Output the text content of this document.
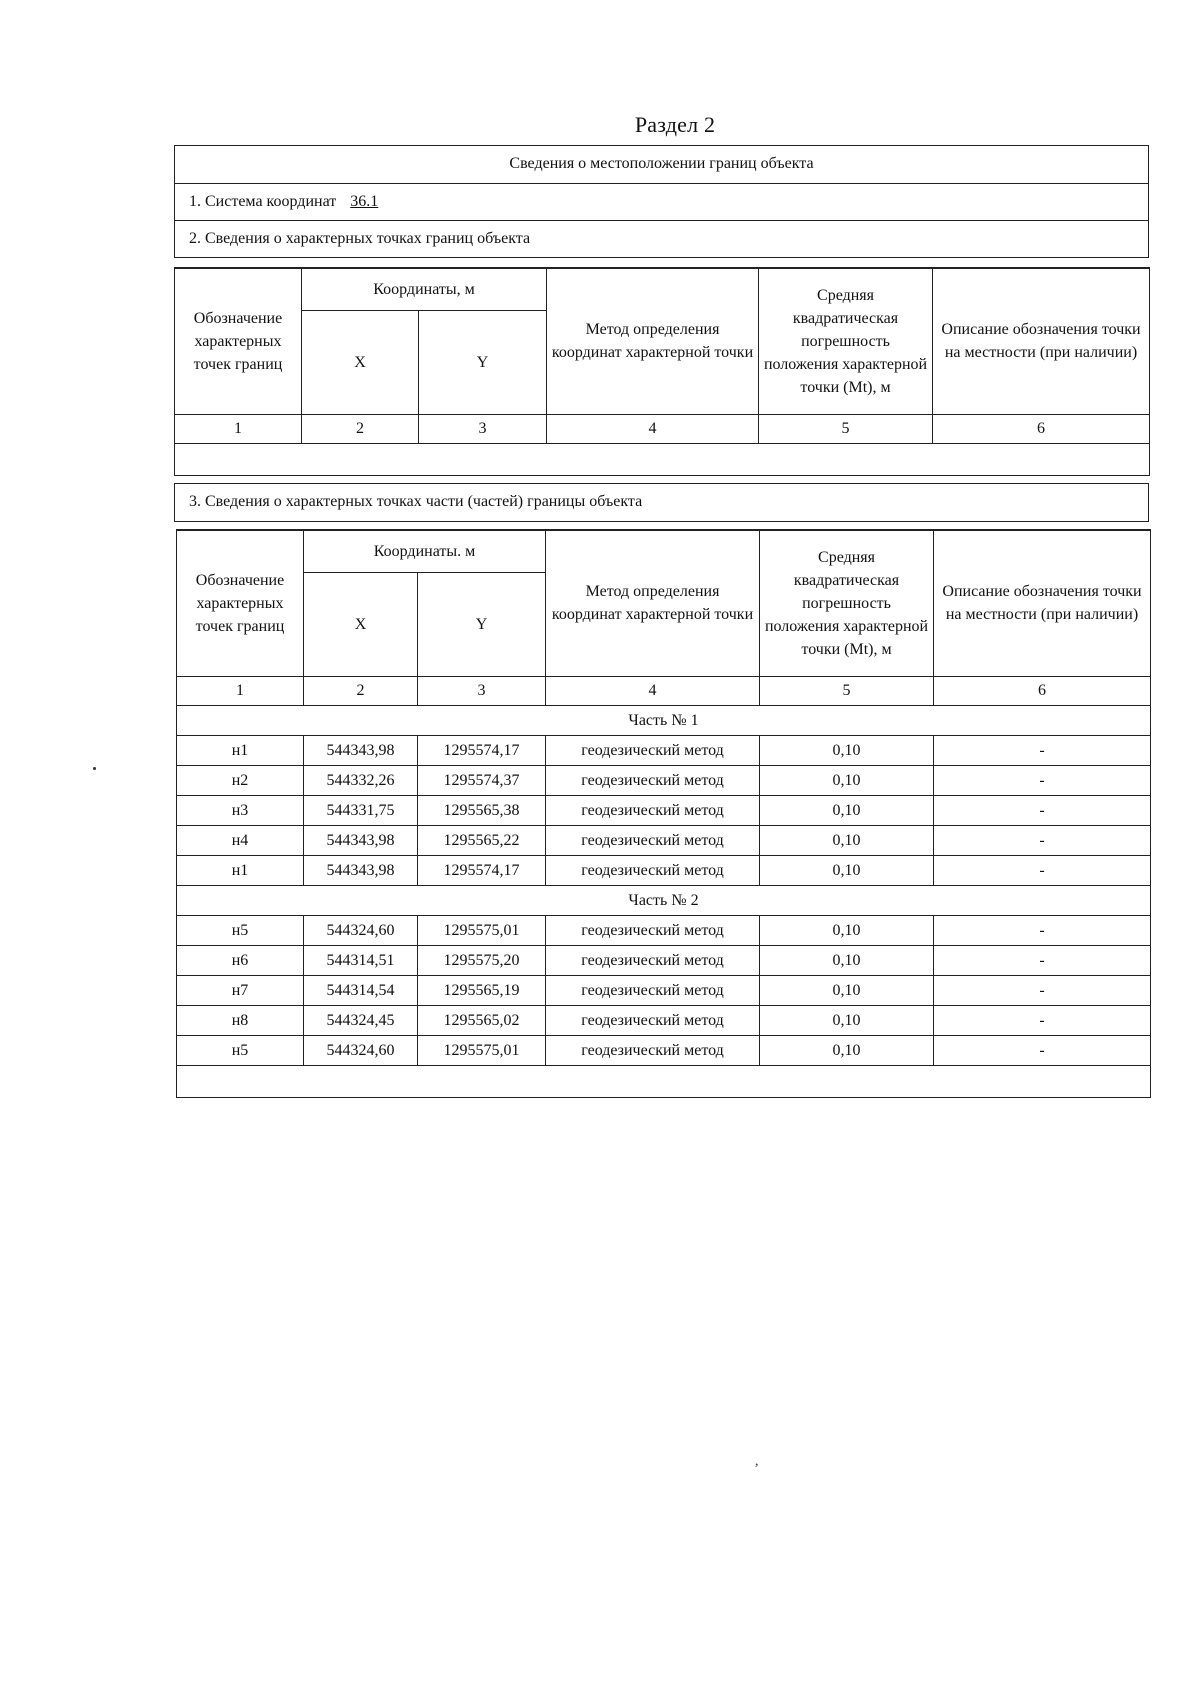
Раздел 2
Сведения о местоположении границ объекта
1. Система координат 36.1
2. Сведения о характерных точках границ объекта
Обозначение характерных точек границ	Координаты, м		Метод определения координат характерной точки	Средняя квадратическая погрешность положения характерной точки (Mt), м	Описание обозначения точки на местности (при наличии)
	X	Y			
1	2	3	4	5	6

3. Сведения о характерных точках части (частей) границы объекта
Обозначение характерных точек границ	Координаты. м		Метод определения координат характерной точки	Средняя квадратическая погрешность положения характерной точки (Mt), м	Описание обозначения точки на местности (при наличии)
	X	Y			
1	2	3	4	5	6
Часть № 1					
н1	544343,98	1295574,17	геодезический метод	0,10	-
н2	544332,26	1295574,37	геодезический метод	0,10	-
н3	544331,75	1295565,38	геодезический метод	0,10	-
н4	544343,98	1295565,22	геодезический метод	0,10	-
н1	544343,98	1295574,17	геодезический метод	0,10	-
Часть № 2					
н5	544324,60	1295575,01	геодезический метод	0,10	-
н6	544314,51	1295575,20	геодезический метод	0,10	-
н7	544314,54	1295565,19	геодезический метод	0,10	-
н8	544324,45	1295565,02	геодезический метод	0,10	-
н5	544324,60	1295575,01	геодезический метод	0,10	-

,
